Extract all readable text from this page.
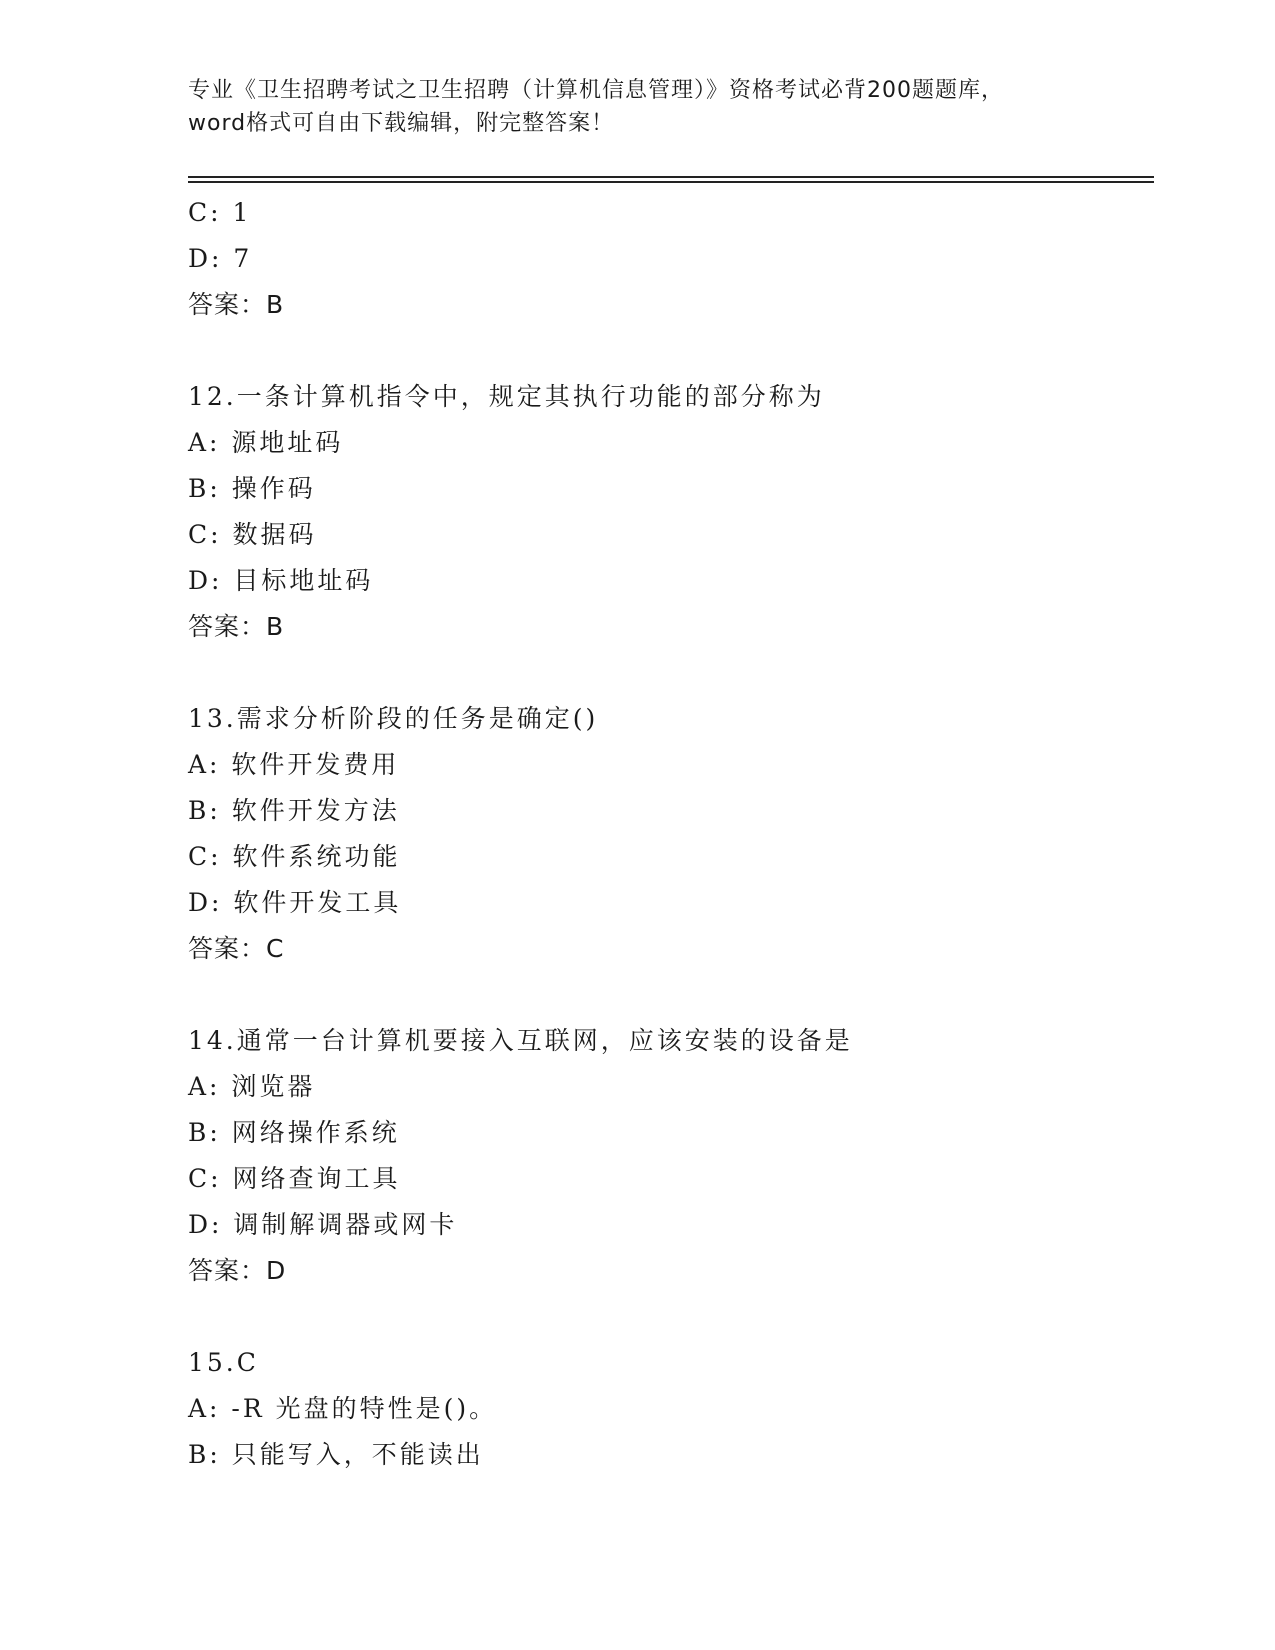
专业《卫生招聘考试之卫生招聘（计算机信息管理）》资格考试必背200题题库，
word格式可自由下载编辑，附完整答案！
C: 1
D: 7
答案：B
12.一条计算机指令中，规定其执行功能的部分称为
A: 源地址码
B: 操作码
C: 数据码
D: 目标地址码
答案：B
13.需求分析阶段的任务是确定()
A: 软件开发费用
B: 软件开发方法
C: 软件系统功能
D: 软件开发工具
答案：C
14.通常一台计算机要接入互联网，应该安装的设备是
A: 浏览器
B: 网络操作系统
C: 网络查询工具
D: 调制解调器或网卡
答案：D
15.C
A: -R 光盘的特性是()。
B: 只能写入，不能读出
